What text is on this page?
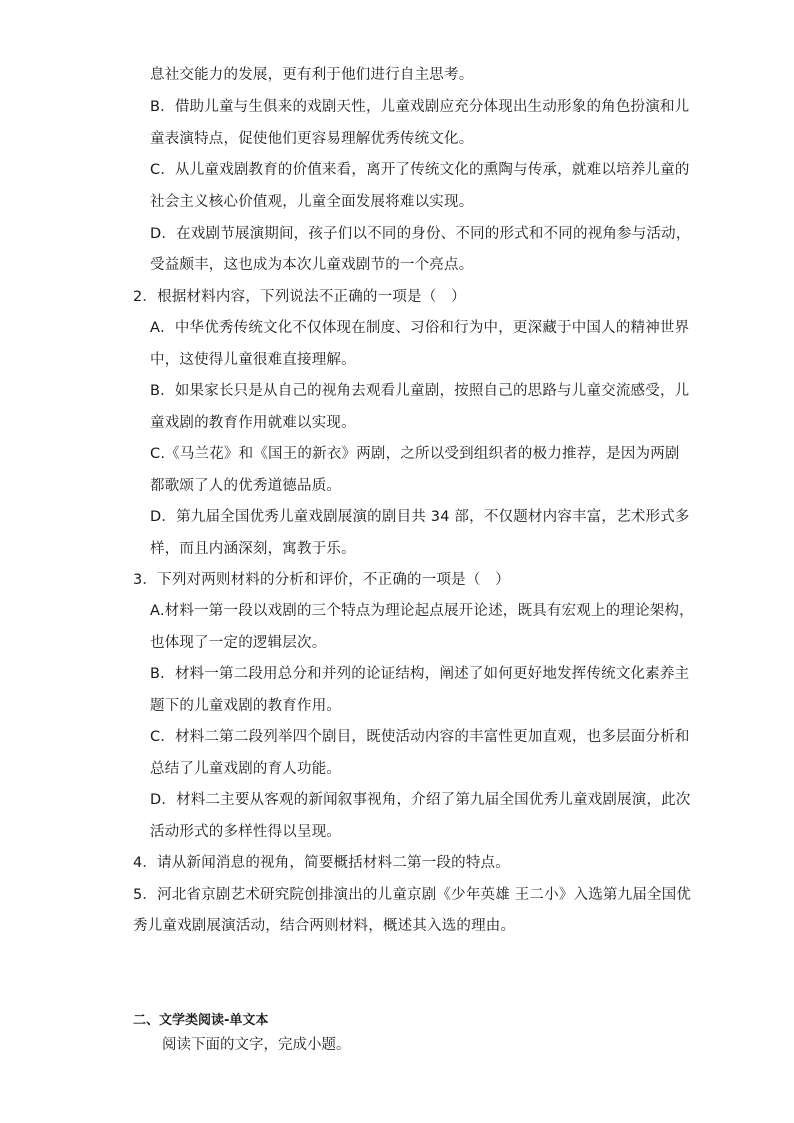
息社交能力的发展，更有利于他们进行自主思考。
B．借助儿童与生俱来的戏剧天性，儿童戏剧应充分体现出生动形象的角色扮演和儿
童表演特点，促使他们更容易理解优秀传统文化。
C．从儿童戏剧教育的价值来看，离开了传统文化的熏陶与传承，就难以培养儿童的
社会主义核心价值观，儿童全面发展将难以实现。
D．在戏剧节展演期间，孩子们以不同的身份、不同的形式和不同的视角参与活动，
受益颇丰，这也成为本次儿童戏剧节的一个亮点。
2．根据材料内容，下列说法不正确的一项是（　）
A．中华优秀传统文化不仅体现在制度、习俗和行为中，更深藏于中国人的精神世界
中，这使得儿童很难直接理解。
B．如果家长只是从自己的视角去观看儿童剧，按照自己的思路与儿童交流感受，儿
童戏剧的教育作用就难以实现。
C.《马兰花》和《国王的新衣》两剧，之所以受到组织者的极力推荐，是因为两剧
都歌颂了人的优秀道德品质。
D．第九届全国优秀儿童戏剧展演的剧目共 34 部，不仅题材内容丰富，艺术形式多
样，而且内涵深刻，寓教于乐。
3．下列对两则材料的分析和评价，不正确的一项是（　）
A.材料一第一段以戏剧的三个特点为理论起点展开论述，既具有宏观上的理论架构，
也体现了一定的逻辑层次。
B．材料一第二段用总分和并列的论证结构，阐述了如何更好地发挥传统文化素养主
题下的儿童戏剧的教育作用。
C．材料二第二段列举四个剧目，既使活动内容的丰富性更加直观，也多层面分析和
总结了儿童戏剧的育人功能。
D．材料二主要从客观的新闻叙事视角，介绍了第九届全国优秀儿童戏剧展演，此次
活动形式的多样性得以呈现。
4．请从新闻消息的视角，简要概括材料二第一段的特点。
5．河北省京剧艺术研究院创排演出的儿童京剧《少年英雄 王二小》入选第九届全国优
秀儿童戏剧展演活动，结合两则材料，概述其入选的理由。
二、文学类阅读-单文本
阅读下面的文字，完成小题。
